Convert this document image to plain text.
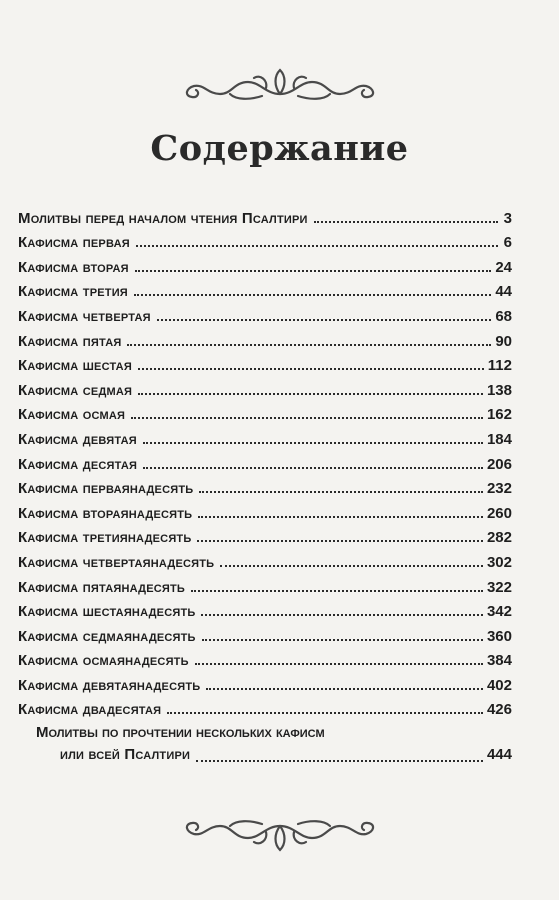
Содержание
Молитвы перед началом чтения Псалтири	3
Кафисма первая	6
Кафисма вторая	24
Кафисма третия	44
Кафисма четвертая	68
Кафисма пятая	90
Кафисма шестая	112
Кафисма седмая	138
Кафисма осмая	162
Кафисма девятая	184
Кафисма десятая	206
Кафисма перваянадесять	232
Кафисма втораянадесять	260
Кафисма третиянадесять	282
Кафисма четвертаянадесять	302
Кафисма пятаянадесять	322
Кафисма шестаянадесять	342
Кафисма седмаянадесять	360
Кафисма осмаянадесять	384
Кафисма девятаянадесять	402
Кафисма двадесятая	426
Молитвы по прочтении нескольких кафисм
или всей Псалтири	444
